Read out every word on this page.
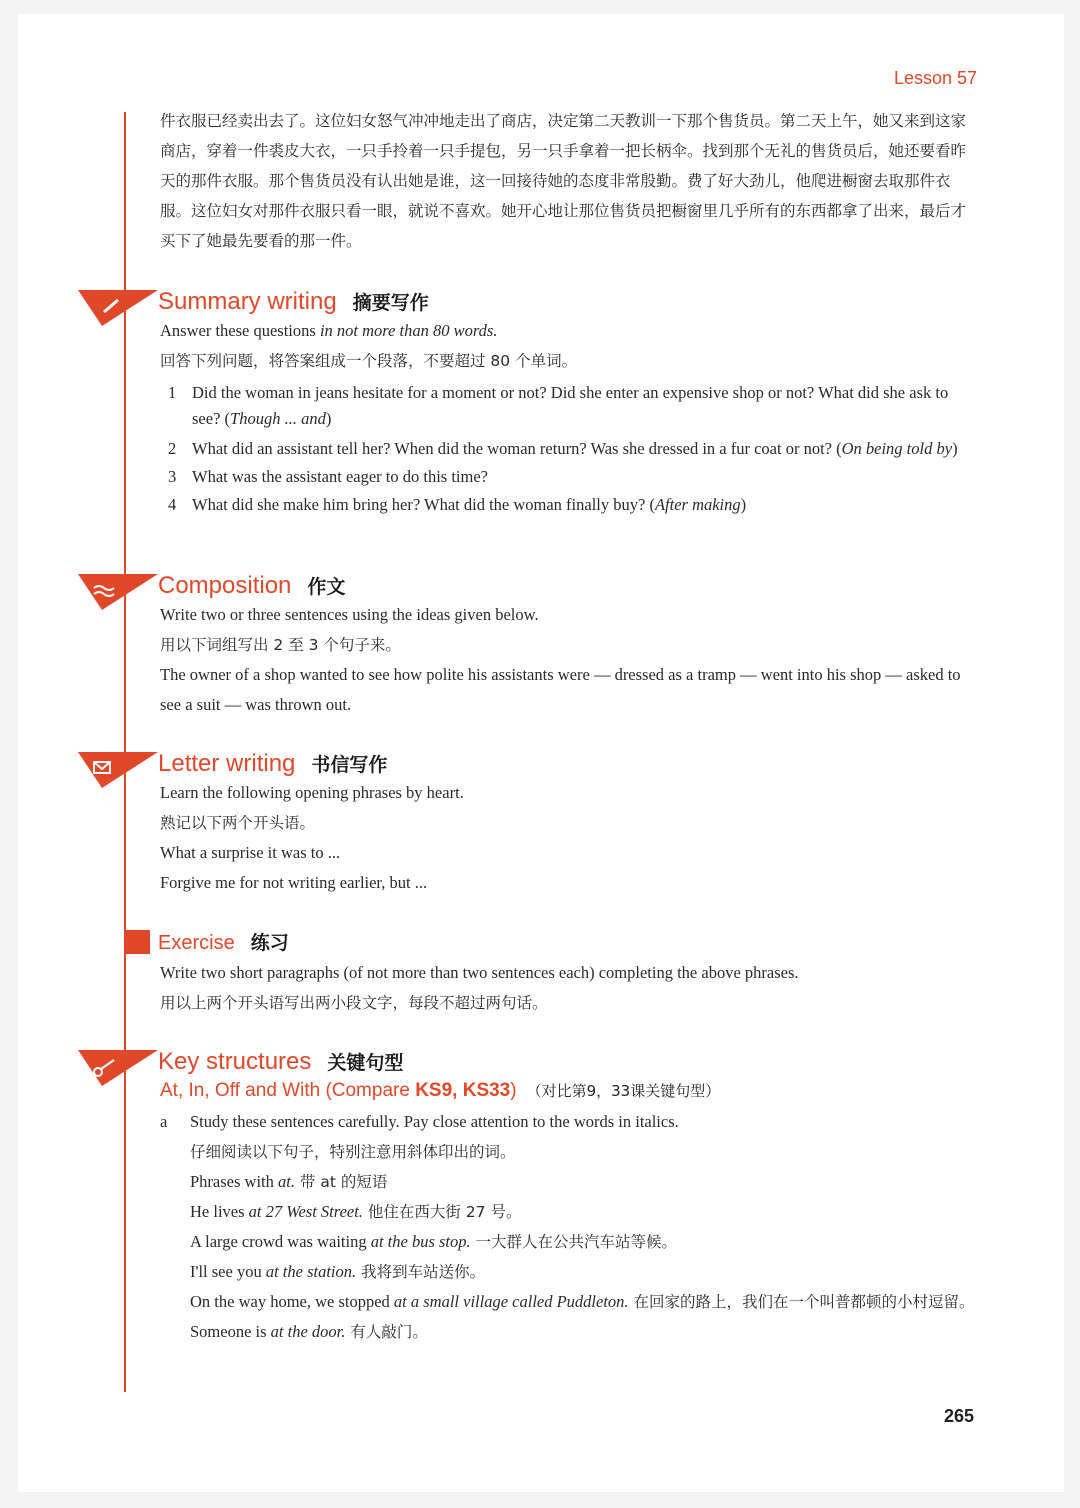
Lesson 57
件衣服已经卖出去了。这位妇女怒气冲冲地走出了商店，决定第二天教训一下那个售货员。第二天上午，她又来到这家商店，穿着一件裘皮大衣，一只手拎着一只手提包，另一只手拿着一把长柄伞。找到那个无礼的售货员后，她还要看昨天的那件衣服。那个售货员没有认出她是谁，这一回接待她的态度非常殷勤。费了好大劲儿，他爬进橱窗去取那件衣服。这位妇女对那件衣服只看一眼，就说不喜欢。她开心地让那位售货员把橱窗里几乎所有的东西都拿了出来，最后才买下了她最先要看的那一件。
Summary writing 摘要写作

Answer these questions in not more than 80 words.

回答下列问题，将答案组成一个段落，不要超过 80 个单词。

1 Did the woman in jeans hesitate for a moment or not? Did she enter an expensive shop or not? What did she ask to see? (Though ... and)
2 What did an assistant tell her? When did the woman return? Was she dressed in a fur coat or not? (On being told by)
3 What was the assistant eager to do this time?
4 What did she make him bring her? What did the woman finally buy? (After making)
Composition 作文

Write two or three sentences using the ideas given below.

用以下词组写出 2 至 3 个句子来。

The owner of a shop wanted to see how polite his assistants were — dressed as a tramp — went into his shop — asked to see a suit — was thrown out.

Letter writing 书信写作

Learn the following opening phrases by heart.

熟记以下两个开头语。

What a surprise it was to ...

Forgive me for not writing earlier, but ...

Exercise 练习

Write two short paragraphs (of not more than two sentences each) completing the above phrases.

用以上两个开头语写出两小段文字，每段不超过两句话。

Key structures 关键句型
At, In, Off and With (Compare KS9, KS33) （对比第9，33课关键句型）
a Study these sentences carefully. Pay close attention to the words in italics.

仔细阅读以下句子，特别注意用斜体印出的词。

Phrases with at. 带 at 的短语

He lives at 27 West Street. 他住在西大街 27 号。

A large crowd was waiting at the bus stop. 一大群人在公共汽车站等候。

I'll see you at the station. 我将到车站送你。

On the way home, we stopped at a small village called Puddleton. 在回家的路上，我们在一个叫普都顿的小村逗留。

Someone is at the door. 有人敲门。

265
